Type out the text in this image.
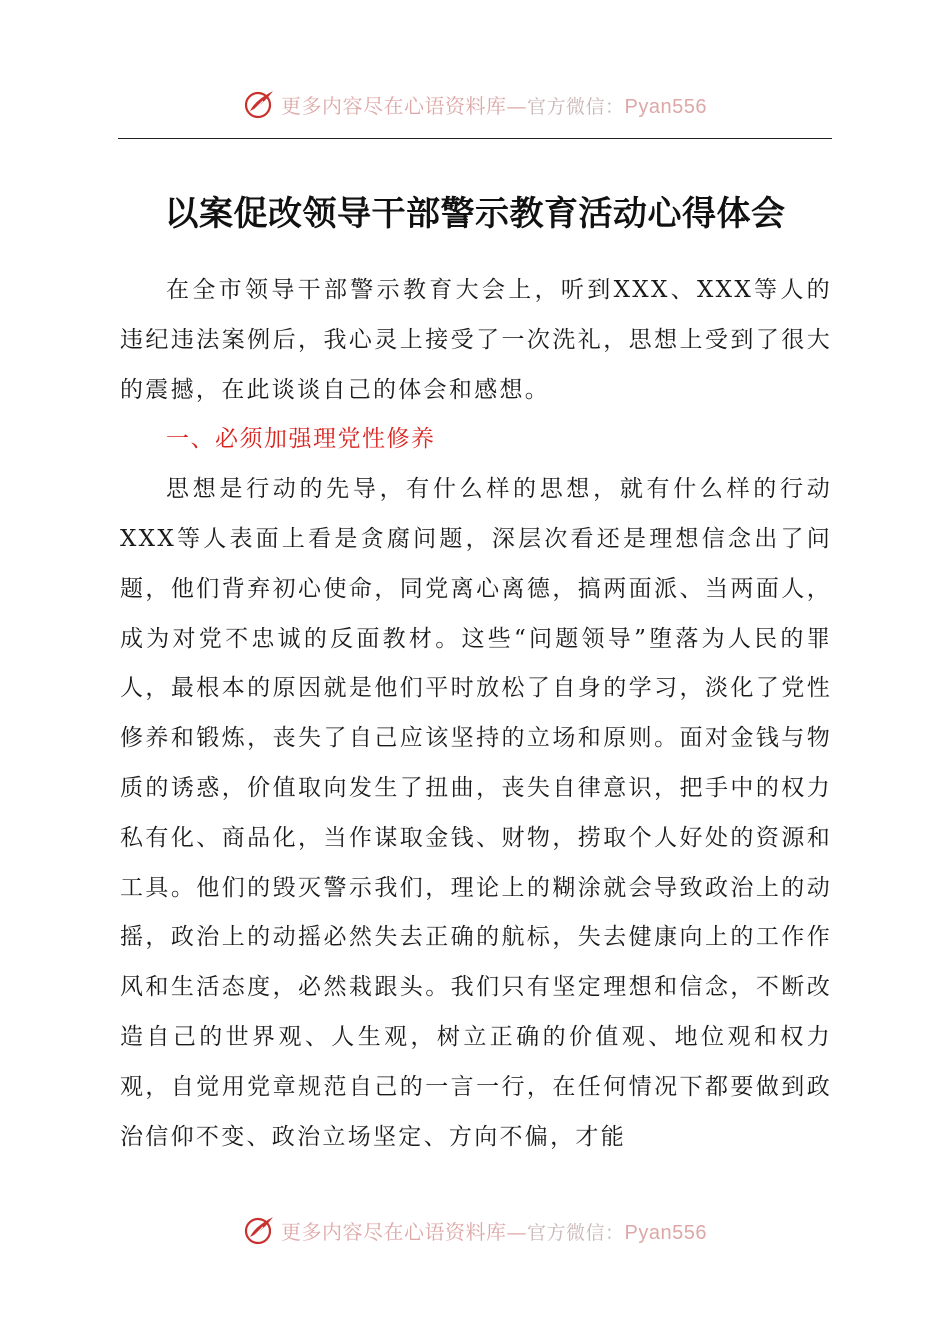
更多内容尽在心语资料库—官方微信：Pyan556
以案促改领导干部警示教育活动心得体会

在全市领导干部警示教育大会上，听到XXX、XXX等人的违纪违法案例后，我心灵上接受了一次洗礼，思想上受到了很大的震撼，在此谈谈自己的体会和感想。

一、必须加强理党性修养

思想是行动的先导，有什么样的思想，就有什么样的行动XXX等人表面上看是贪腐问题，深层次看还是理想信念出了问题，他们背弃初心使命，同党离心离德，搞两面派、当两面人，成为对党不忠诚的反面教材。这些“问题领导”堕落为人民的罪人，最根本的原因就是他们平时放松了自身的学习，淡化了党性修养和锻炼，丧失了自己应该坚持的立场和原则。面对金钱与物质的诱惑，价值取向发生了扭曲，丧失自律意识，把手中的权力私有化、商品化，当作谋取金钱、财物，捞取个人好处的资源和工具。他们的毁灭警示我们，理论上的糊涂就会导致政治上的动摇，政治上的动摇必然失去正确的航标，失去健康向上的工作作风和生活态度，必然栽跟头。我们只有坚定理想和信念，不断改造自己的世界观、人生观，树立正确的价值观、地位观和权力观，自觉用党章规范自己的一言一行，在任何情况下都要做到政治信仰不变、政治立场坚定、方向不偏，才能

更多内容尽在心语资料库—官方微信：Pyan556
